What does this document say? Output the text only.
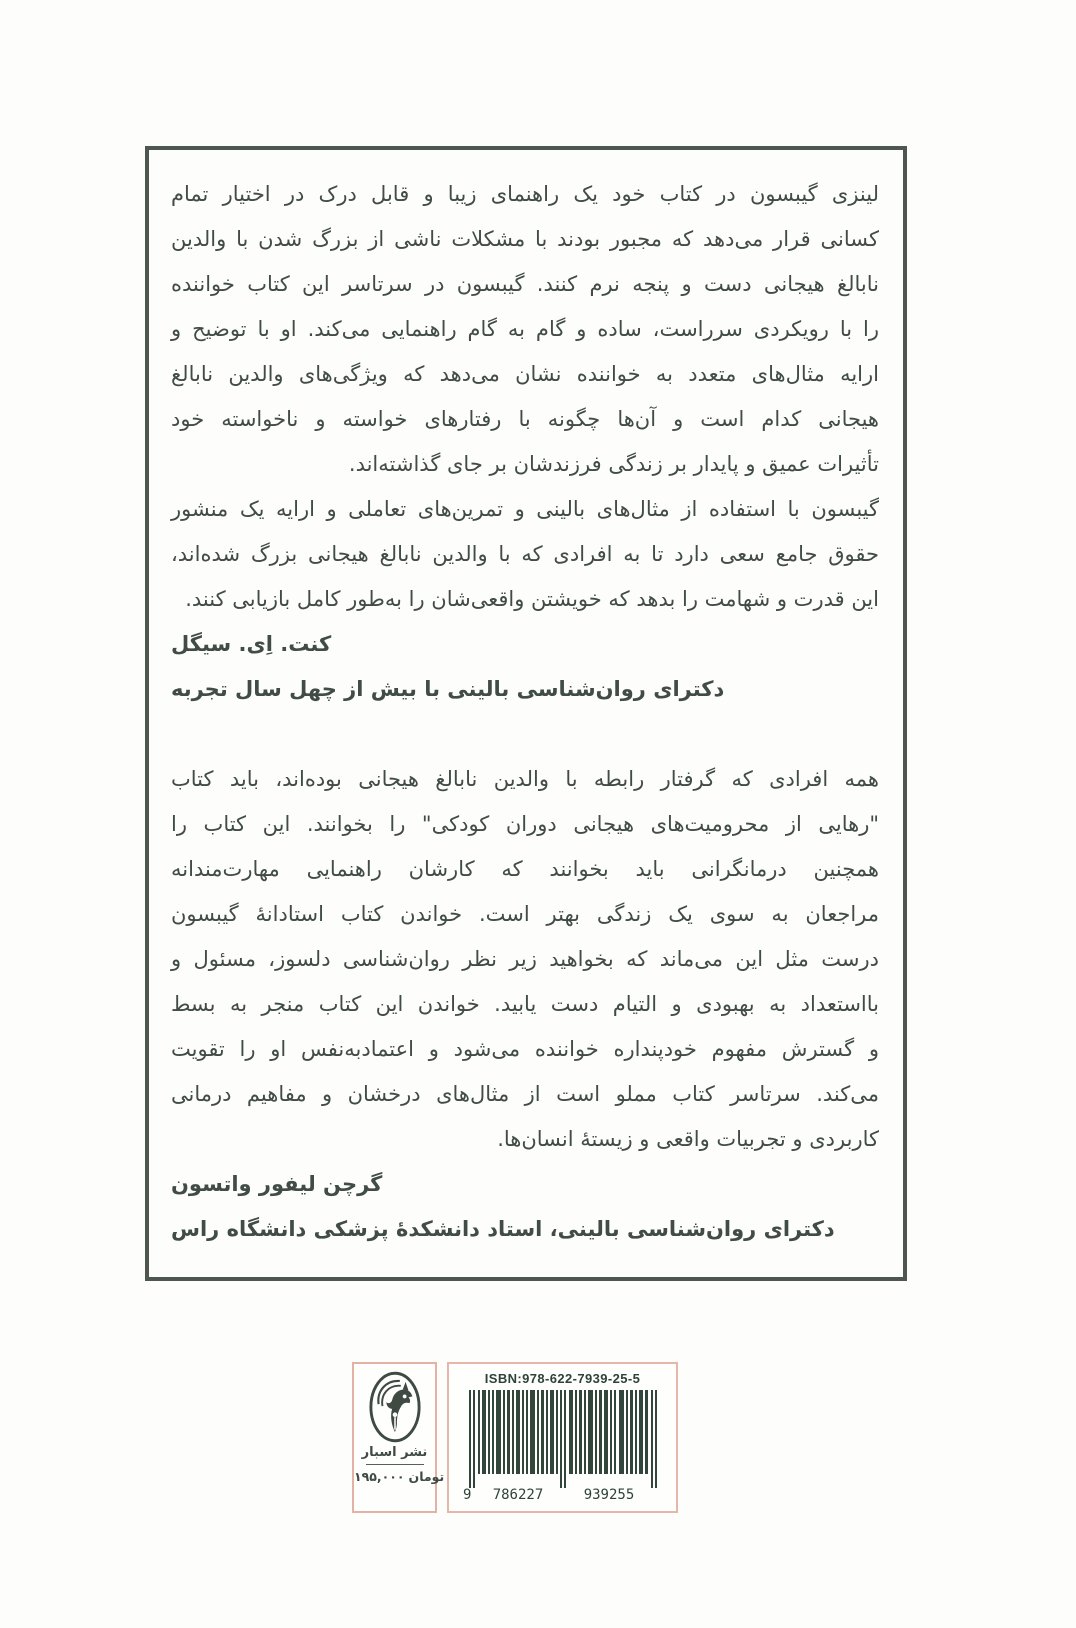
لینزی گیبسون در کتاب خود یک راهنمای زیبا و قابل درک در اختیار تمام
کسانی قرار می‌دهد که مجبور بودند با مشکلات ناشی از بزرگ شدن با والدین
نابالغ هیجانی دست و پنجه نرم کنند. گیبسون در سرتاسر این کتاب خواننده
را با رویکردی سرراست، ساده و گام به گام راهنمایی می‌کند. او با توضیح و
ارایه مثال‌های متعدد به خواننده نشان می‌دهد که ویژگی‌های والدین نابالغ
هیجانی کدام است و آن‌ها چگونه با رفتارهای خواسته و ناخواسته خود
تأثیرات عمیق و پایدار بر زندگی فرزندشان بر جای گذاشته‌اند.
گیبسون با استفاده از مثال‌های بالینی و تمرین‌های تعاملی و ارایه یک منشور
حقوق جامع سعی دارد تا به افرادی که با والدین نابالغ هیجانی بزرگ شده‌اند،
این قدرت و شهامت را بدهد که خویشتن واقعی‌شان را به‌طور کامل بازیابی کنند.
کنت. اِی. سیگل
دکترای روان‌شناسی بالینی با بیش از چهل سال تجربه
همه افرادی که گرفتار رابطه با والدین نابالغ هیجانی بوده‌اند، باید کتاب
"رهایی از محرومیت‌های هیجانی دوران کودکی" را بخوانند. این کتاب را
همچنین درمانگرانی باید بخوانند که کارشان راهنمایی مهارت‌مندانه
مراجعان به سوی یک زندگی بهتر است. خواندن کتاب استادانهٔ گیبسون
درست مثل این می‌ماند که بخواهید زیر نظر روان‌شناسی دلسوز، مسئول و
بااستعداد به بهبودی و التیام دست یابید. خواندن این کتاب منجر به بسط
و گسترش مفهوم خودپنداره خواننده می‌شود و اعتمادبه‌نفس او را تقویت
می‌کند. سرتاسر کتاب مملو است از مثال‌های درخشان و مفاهیم درمانی
کاربردی و تجربیات واقعی و زیستهٔ انسان‌ها.
گرچن لیفور واتسون
دکترای روان‌شناسی بالینی، استاد دانشکدهٔ پزشکی دانشگاه راس
نشر اسبار
۱۹۵,۰۰۰ تومان
ISBN:978-622-7939-25-5
9 786227	939255
